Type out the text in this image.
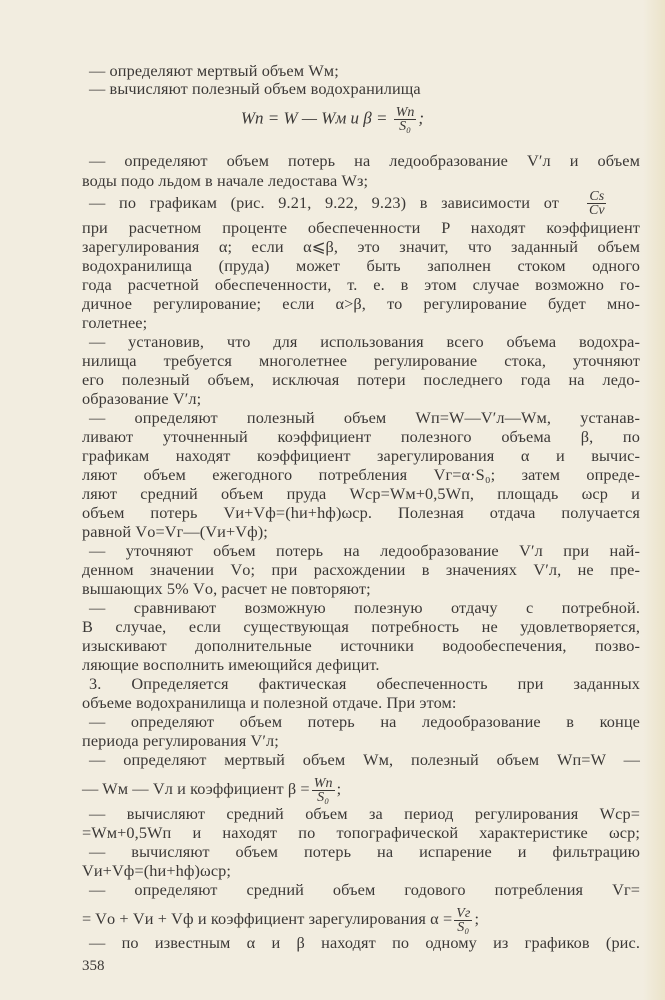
— определяют мертвый объем Wм;
— вычисляют полезный объем водохранилища
Wп = W — Wм и $\beta = \frac{Wп}{\text{S₀}}$ ;
— определяют объем потерь на ледообразование V′л и объем
воды подо льдом в начале ледостава Wз;
— по графикам (рис. 9.21, 9.22, 9.23) в зависимости от	$\frac{Cs}{Cv}$
при расчетном проценте обеспеченности P находят коэффициент
зарегулирования α; если α⩽β, это значит, что заданный объем
водохранилища (пруда) может быть заполнен стоком одного
года расчетной обеспеченности, т. е. в этом случае возможно го-
дичное регулирование; если α>β, то регулирование будет мно-
голетнее;
— установив, что для использования всего объема водохра-
нилища требуется многолетнее регулирование стока, уточняют
его полезный объем, исключая потери последнего года на ледо-
образование V′л;
— определяют полезный объем Wп=W—V′л—Wм, устанав-
ливают уточненный коэффициент полезного объема β, по
графикам находят коэффициент зарегулирования α и вычис-
ляют объем ежегодного потребления Vг=α·S₀; затем опреде-
ляют средний объем пруда Wср=Wм+0,5Wп, площадь ωср и
объем потерь Vи+Vф=(hи+hф)ωср. Полезная отдача получается
равной Vо=Vг—(Vи+Vф);
— уточняют объем потерь на ледообразование V′л при най-
денном значении Vо; при расхождении в значениях V′л, не пре-
вышающих 5% Vо, расчет не повторяют;
— сравнивают возможную полезную отдачу с потребной.
В случае, если существующая потребность не удовлетворяется,
изыскивают дополнительные источники водообеспечения, позво-
ляющие восполнить имеющийся дефицит.
3. Определяется фактическая обеспеченность при заданных
объеме водохранилища и полезной отдаче. При этом:
— определяют объем потерь на ледообразование в конце
периода регулирования V′л;
— определяют мертвый объем Wм, полезный объем Wп=W —
— Wм — Vл и коэффициент $\beta = \frac{Wп}{\text{S₀}}$ ;
— вычисляют средний объем за период регулирования Wср=
=Wм+0,5Wп и находят по топографической характеристике ωср;
— вычисляют объем потерь на испарение и фильтрацию
Vи+Vф=(hи+hф)ωср;
— определяют средний объем годового потребления Vг=
= Vо + Vи + Vф и коэффициент зарегулирования $\alpha = \frac{Vг}{\text{S₀}}$ ;
— по известным α и β находят по одному из графиков (рис.
358
